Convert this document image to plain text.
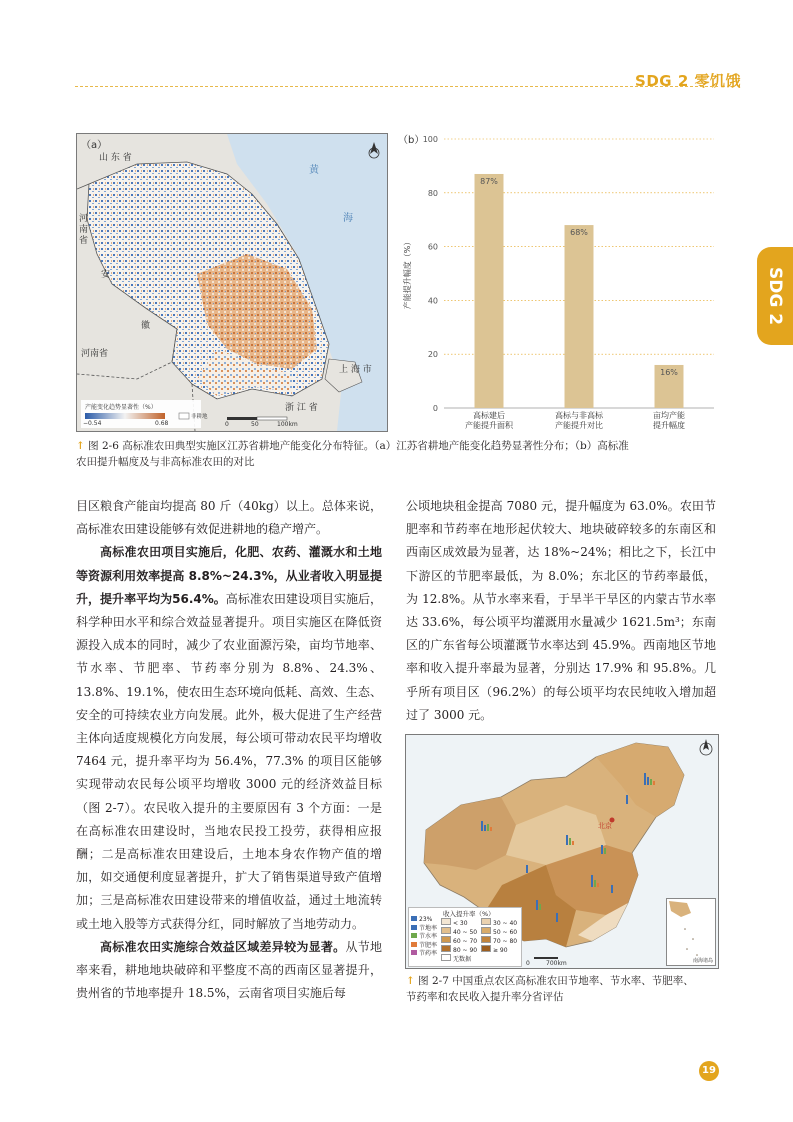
SDG 2 零饥饿
SDG 2
（a）
山 东 省
河南省
安
徽
河南省
黄
海
上 海 市
浙 江 省
产能变化趋势显著性（%）
−0.54	0.68
非耕地
0	50	100km
（b）
0
20
40
60
80
100
产能提升幅度（%）
87%
高标建后
产能提升面积
68%
高标与非高标
产能提升对比
16%
亩均产能
提升幅度
↑ 图 2-6 高标准农田典型实施区江苏省耕地产能变化分布特征。（a）江苏省耕地产能变化趋势显著性分布；（b）高标准
农田提升幅度及与非高标准农田的对比

目区粮食产能亩均提高 80 斤（40kg）以上。总体来说，高标准农田建设能够有效促进耕地的稳产增产。

高标准农田项目实施后，化肥、农药、灌溉水和土地等资源利用效率提高 8.8%~24.3%，从业者收入明显提升，提升率平均为56.4%。高标准农田建设项目实施后，科学种田水平和综合效益显著提升。项目实施区在降低资源投入成本的同时，减少了农业面源污染，亩均节地率、节水率、节肥率、节药率分别为 8.8%、24.3%、13.8%、19.1%，使农田生态环境向低耗、高效、生态、安全的可持续农业方向发展。此外，极大促进了生产经营主体向适度规模化方向发展，每公顷可带动农民平均增收 7464 元，提升率平均为 56.4%，77.3% 的项目区能够实现带动农民每公顷平均增收 3000 元的经济效益目标（图 2-7）。农民收入提升的主要原因有 3 个方面：一是在高标准农田建设时，当地农民投工投劳，获得相应报酬；二是高标准农田建设后，土地本身农作物产值的增加，如交通便利度显著提升，扩大了销售渠道导致产值增加；三是高标准农田建设带来的增值收益，通过土地流转或土地入股等方式获得分红，同时解放了当地劳动力。

高标准农田实施综合效益区域差异较为显著。从节地率来看，耕地地块破碎和平整度不高的西南区显著提升，贵州省的节地率提升 18.5%，云南省项目实施后每

公顷地块租金提高 7080 元，提升幅度为 63.0%。农田节肥率和节药率在地形起伏较大、地块破碎较多的东南区和西南区成效最为显著，达 18%~24%；相比之下，长江中下游区的节肥率最低，为 8.0%；东北区的节药率最低，为 12.8%。从节水率来看，于旱半干旱区的内蒙古节水率达 33.6%，每公顷平均灌溉用水量减少 1621.5m³；东南区的广东省每公顷灌溉节水率达到 45.9%。西南地区节地率和收入提升率最为显著，分别达 17.9% 和 95.8%。几乎所有项目区（96.2%）的每公顷平均农民纯收入增加超过了 3000 元。

北京
0	700km
收入提升率（%）
23%
节地率
节水率
节肥率
节药率
< 30	30 ~ 4040 ~ 50	50 ~ 6060 ~ 70	70 ~ 8080 ~ 90	≥ 90无数据	南海诸岛
↑ 图 2-7 中国重点农区高标准农田节地率、节水率、节肥率、
节药率和农民收入提升率分省评估
19
